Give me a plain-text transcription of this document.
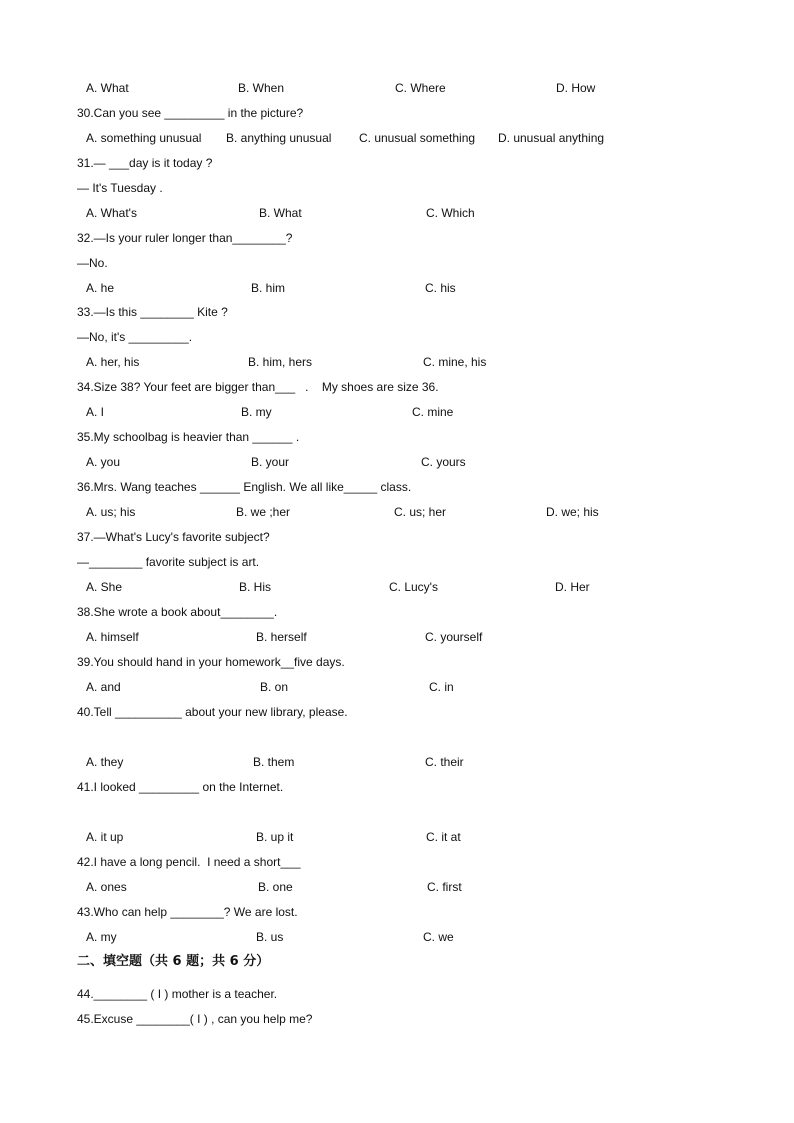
A. What	B. When	C. Where	D. How
30.Can you see _________ in the picture?
A. something unusual B. anything unusual C. unusual something D. unusual anything
31.— ___day is it today ?
— It's Tuesday .
A. What's	B. What	C. Which
32.—Is your ruler longer than________?
—No.
A. he	B. him	C. his
33.—Is this ________ Kite ?
—No, it's _________.
A. her, his	B. him, hers	C. mine, his
34.Size 38? Your feet are bigger than___   .    My shoes are size 36.
A. I	B. my	C. mine
35.My schoolbag is heavier than ______ .
A. you	B. your	C. yours
36.Mrs. Wang teaches ______ English. We all like_____ class.
A. us; his	B. we ;her	C. us; her	D. we; his
37.—What's Lucy's favorite subject?
—________ favorite subject is art.
A. She	B. His	C. Lucy's	D. Her
38.She wrote a book about________.
A. himself	B. herself	C. yourself
39.You should hand in your homework__five days.
A. and	B. on	C. in
40.Tell __________ about your new library, please.
A. they	B. them	C. their
41.I looked _________ on the Internet.
A. it up	B. up it	C. it at
42.I have a long pencil.  I need a short___
A. ones	B. one	C. first
43.Who can help ________? We are lost.
A. my	B. us	C. we
二、填空题（共 6 题；共 6 分）
44.________ ( I ) mother is a teacher.
45.Excuse ________( I ) , can you help me?
